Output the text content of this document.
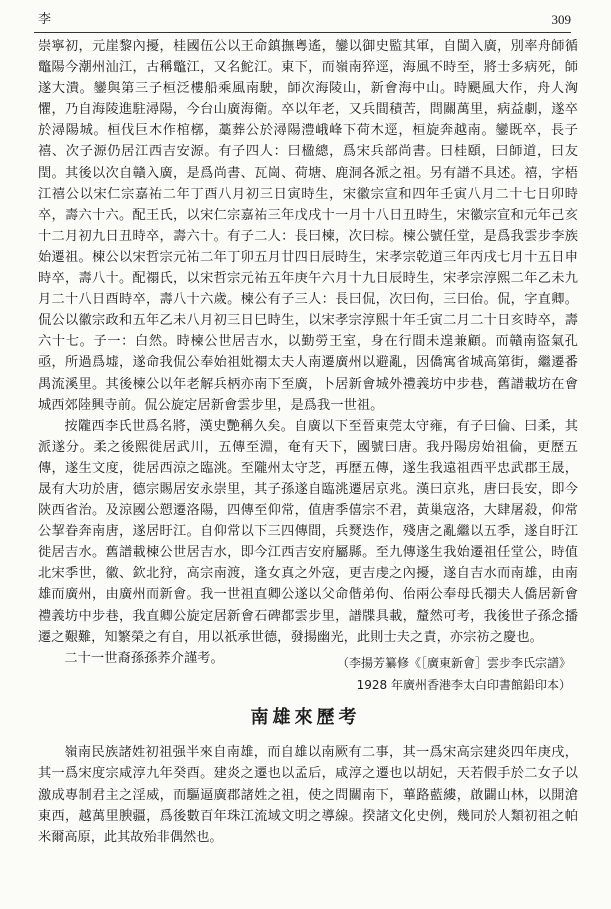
李	309

崇寧初，元崖黎內擾，桂國伍公以王命鎮撫粵遙，鑾以御史監其軍，自閩入廣，別率舟師循鼈陽今潮州汕江，古稱鼈江，又名鮀江。東下，而嶺南猝逕，海風不時至，將士多病死，師遂大潰。鑾與第三子桓泛樓船乘風南駛，師次海陵山，新會海中山。時颶風大作，舟人洶懼，乃自海陵進駐潯陽，今台山廣海衛。卒以年老，又兵間積苦，問關萬里，病益劇，遂卒於潯陽城。桓伐巨木作棺槨，藁葬公於潯陽澧峨峰下荷木逕，桓旋奔越南。鑾既卒，長子禧、次子源仍居江西吉安源。有子四人：曰楹總，爲宋兵部尚書。曰桂頤，曰師道，曰友閏。其後以次自贛入廣，是爲尚書、瓦崗、荷塘、鹿洞各派之祖。另有譜不具述。禧，字梧江禧公以宋仁宗嘉祐二年丁酉八月初三日寅時生，宋徽宗宣和四年壬寅八月二十七日卯時卒，壽六十六。配王氏，以宋仁宗嘉祐三年戊戌十一月十八日丑時生，宋徽宗宣和元年己亥十二月初九日丑時卒，壽六十。有子二人：長曰楝，次曰棕。楝公號任堂，是爲我雲步李族始遷祖。楝公以宋哲宗元祐二年丁卯五月廿四日辰時生，宋孝宗乾道三年丙戌七月十五日申時卒，壽八十。配禤氏，以宋哲宗元祐五年庚午六月十九日辰時生，宋孝宗淳熙二年乙未九月二十八日酉時卒，壽八十六歲。楝公有子三人：長曰侃，次曰佝，三曰佁。侃，字直卿。侃公以徽宗政和五年乙未八月初三日巳時生，以宋孝宗淳熙十年壬寅二月二十日亥時卒，壽六十七。子一：白然。時楝公世居吉水，以勤勞王室，身在行間未遑兼顧。而贛南盜氣孔亟，所過爲墟，遂命我侃公奉始祖妣禤太夫人南遷廣州以避亂，因僑寓省城高第街，繼遷番禺流溪里。其後楝公以年老解兵柄亦南下至廣，卜居新會城外禮義坊中步巷，舊譜載坊在會城西郊陸興寺前。侃公旋定居新會雲步里，是爲我一世祖。

按隴西李氏世爲名將，漢史艷稱久矣。自廣以下至晉東莞太守雍，有子曰倫、曰柔，其派遂分。柔之後熙徙居武川，五傳至淵，奄有天下，國號曰唐。我丹陽房始祖倫，更歷五傳，遂生文度，徙居西涼之臨洮。至隴州太守芝，再歷五傳，遂生我遠祖西平忠武郡王晟，晟有大功於唐，德宗賜居安永崇里，其子孫遂自臨洮遷居京兆。漢曰京兆，唐曰長安，即今陝西省治。及涼國公愬遷洛陽，四傳至仰常，值唐季僖宗不君，黃巢寇洛，大肆屠殺，仰常公挈眷奔南唐，遂居盱江。自仰常以下三四傳間，兵燹迭作，殘唐之亂繼以五季，遂自盱江徙居吉水。舊譜載楝公世居吉水，即今江西吉安府屬縣。至九傳遂生我始遷祖任堂公，時值北宋季世，徽、欽北狩，高宗南渡，逢女真之外寇，更吉虔之內擾，遂自吉水而南雄，由南雄而廣州，由廣州而新會。我一世祖直卿公遂以父命偕弟佝、佁兩公奉母氏禤夫人僑居新會禮義坊中步巷，我直卿公旋定居新會石碑都雲步里，譜牒具載，釐然可考，我後世子孫念播遷之艱難，知繁榮之有自，用以祇承世德，發揚幽光，此則士夫之責，亦宗祊之慶也。

二十一世裔孫孫荞介謹考。	（李揚芳纂修《［廣東新會］雲步李氏宗譜》
1928 年廣州香港李太白印書館鉛印本）
南雄來歷考

嶺南民族諸姓初祖强半來自南雄，而自雄以南厥有二事，其一爲宋高宗建炎四年庚戌，其一爲宋度宗咸淳九年癸酉。建炎之遷也以孟后，咸淳之遷也以胡妃，天若假手於二女子以激成專制君主之淫威，而驅逼廣郡諸姓之祖，使之問關南下，蓽路藍縷，啟闢山林，以開滄東西，越萬里腴疆，爲後數百年珠江流域文明之導線。揆諸文化史例，幾同於人類初祖之帕米爾高原，此其故殆非偶然也。
